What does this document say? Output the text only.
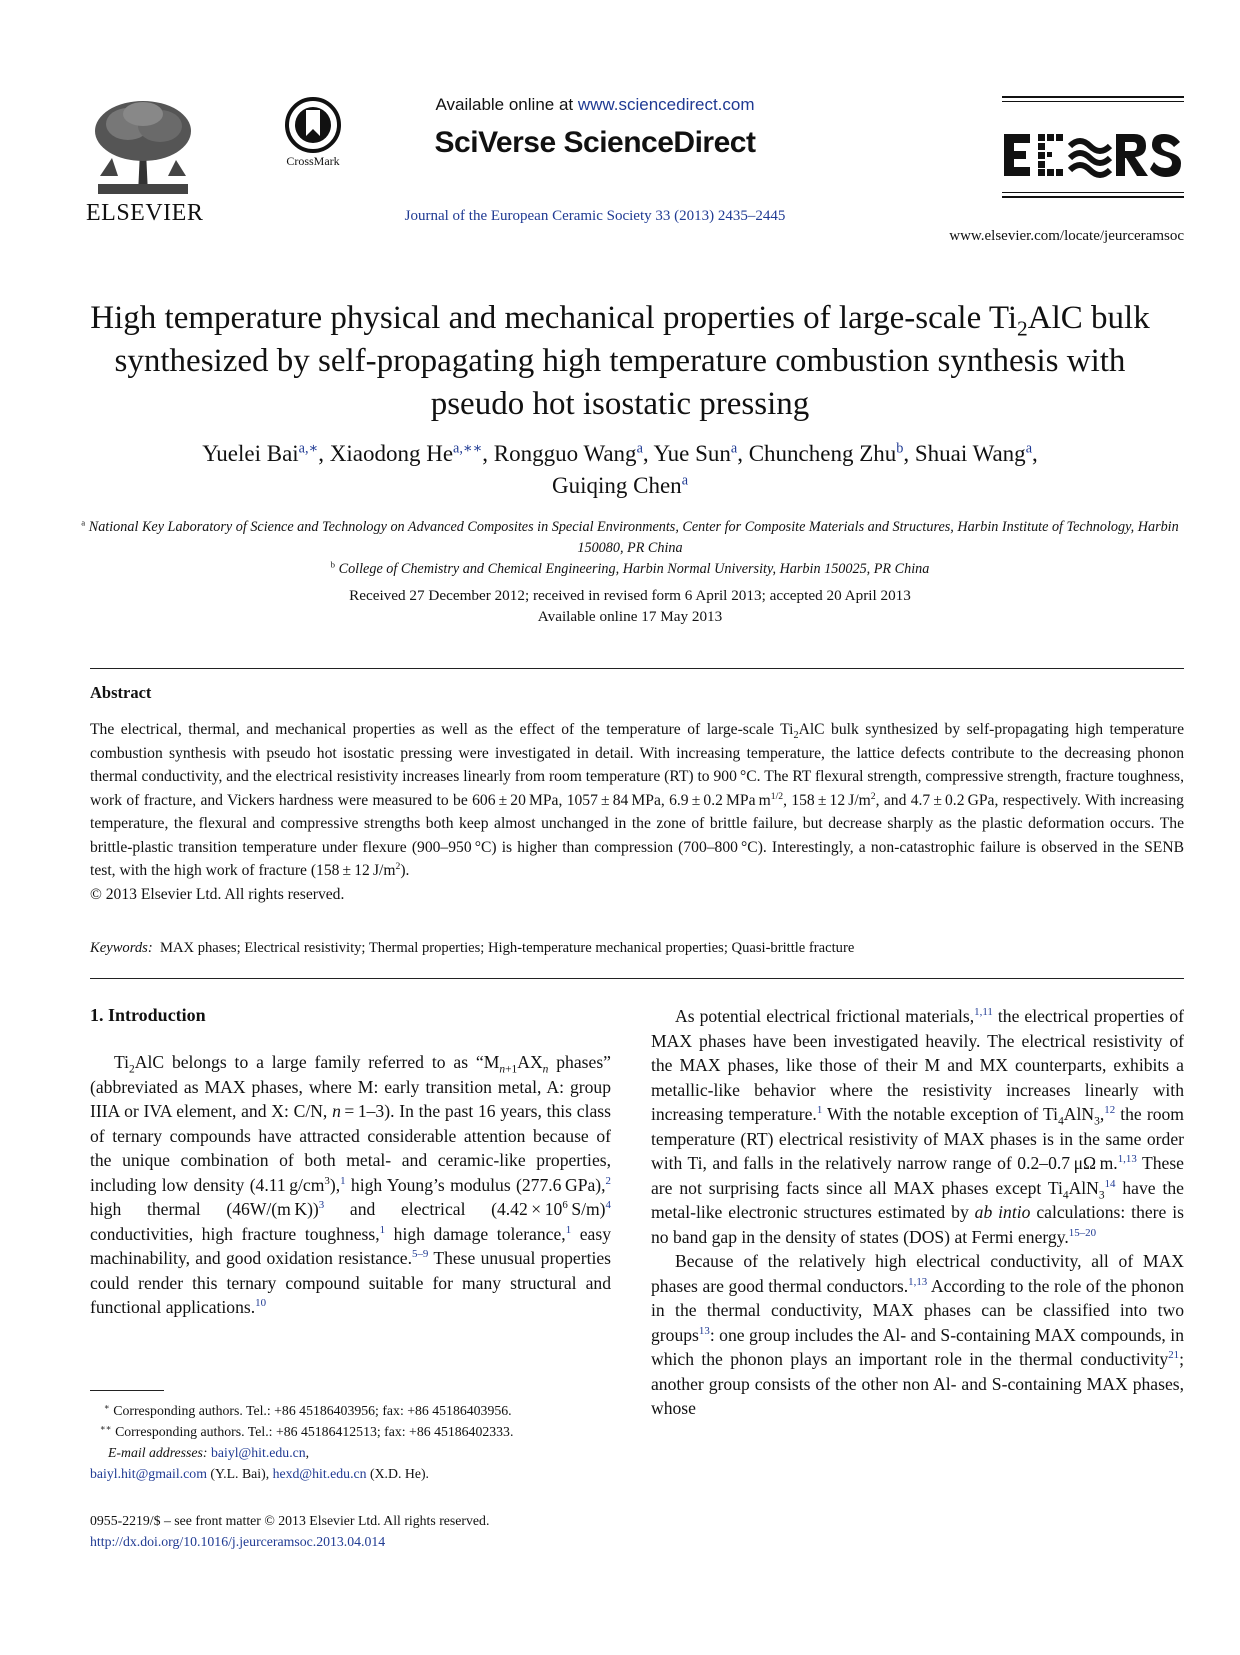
ELSEVIER
CrossMark
Available online at www.sciencedirect.com
SciVerse ScienceDirect
Journal of the European Ceramic Society 33 (2013) 2435–2445
www.elsevier.com/locate/jeurceramsoc
High temperature physical and mechanical properties of large-scale $Ti_2AlC$ bulk synthesized by self-propagating high temperature combustion synthesis with pseudo hot isostatic pressing
Yuelei Bai$^{a,∗}$, Xiaodong $He^{a,∗∗}$, Rongguo Wang$^a$, Yue Sun$^a$, Chuncheng Zhu$^b$, Shuai Wang$^a$,
Guiqing Chen$^a$
$^a$ National Key Laboratory of Science and Technology on Advanced Composites in Special Environments, Center for Composite Materials and Structures, Harbin Institute of Technology, Harbin 150080, PR China
$^b$ College of Chemistry and Chemical Engineering, Harbin Normal University, Harbin 150025, PR China
Received 27 December 2012; received in revised form 6 April 2013; accepted 20 April 2013
Available online 17 May 2013
Abstract
The electrical, thermal, and mechanical properties as well as the effect of the temperature of large-scale $Ti_2AlC$ bulk synthesized by self-propagating high temperature combustion synthesis with pseudo hot isostatic pressing were investigated in detail. With increasing temperature, the lattice defects contribute to the decreasing phonon thermal conductivity, and the electrical resistivity increases linearly from room temperature (RT) to 900 °C. The RT flexural strength, compressive strength, fracture toughness, work of fracture, and Vickers hardness were measured to be 606 ± 20 MPa, 1057 ± 84 MPa, 6.9 ± 0.2 MPa $m^{1/2}$, 158 ± 12 $J/m^2$, and 4.7 ± 0.2 GPa, respectively. With increasing temperature, the flexural and compressive strengths both keep almost unchanged in the zone of brittle failure, but decrease sharply as the plastic deformation occurs. The brittle-plastic transition temperature under flexure (900–950 °C) is higher than compression (700–800 °C). Interestingly, a non-catastrophic failure is observed in the SENB test, with the high work of fracture (158 ± 12 $J/m^2$).
© 2013 Elsevier Ltd. All rights reserved.
Keywords: MAX phases; Electrical resistivity; Thermal properties; High-temperature mechanical properties; Quasi-brittle fracture
1. Introduction

$Ti_2AlC$ belongs to a large family referred to as “$M_{n+1}AX_n$ phases” (abbreviated as MAX phases, where M: early transition metal, A: group IIIA or IVA element, and X: C/N, n = 1–3). In the past 16 years, this class of ternary compounds have attracted considerable attention because of the unique combination of both metal- and ceramic-like properties, including low density (4.11 $g/cm^3),^1$ high Young’s modulus (277.6 GPa),$^2$ high thermal (46W/(m K))$^3$ and electrical ($4.42 \times 10^6$ S/m)$^4$ conductivities, high fracture toughness,$^1$ high damage tolerance,$^1$ easy machinability, and good oxidation resistance.$^{5-9}$ These unusual properties could render this ternary compound suitable for many structural and functional applications.$^{10}$

As potential electrical frictional materials,$^{1,11}$ the electrical properties of MAX phases have been investigated heavily. The electrical resistivity of the MAX phases, like those of their M and MX counterparts, exhibits a metallic-like behavior where the resistivity increases linearly with increasing temperature.$^1$ With the notable exception of $Ti_4AlN_3,^{12}$ the room temperature (RT) electrical resistivity of MAX phases is in the same order with Ti, and falls in the relatively narrow range of 0.2–0.7 μΩ m.$^{1,13}$ These are not surprising facts since all MAX phases except $Ti_4AlN_3^{14}$ have the metal-like electronic structures estimated by ab intio calculations: there is no band gap in the density of states (DOS) at Fermi energy.$^{15-20}$

Because of the relatively high electrical conductivity, all of MAX phases are good thermal conductors.$^{1,13}$ According to the role of the phonon in the thermal conductivity, MAX phases can be classified into two groups$^{13}$: one group includes the Al- and S-containing MAX compounds, in which the phonon plays an important role in the thermal conductivity$^{21}$; another group consists of the other non Al- and S-containing MAX phases, whose

∗ Corresponding authors. Tel.: +86 45186403956; fax: +86 45186403956.
∗∗ Corresponding authors. Tel.: +86 45186412513; fax: +86 45186402333.
E-mail addresses: baiyl@hit.edu.cn,
baiyl.hit@gmail.com (Y.L. Bai), hexd@hit.edu.cn (X.D. He).
0955-2219/$ – see front matter © 2013 Elsevier Ltd. All rights reserved.
http://dx.doi.org/10.1016/j.jeurceramsoc.2013.04.014
